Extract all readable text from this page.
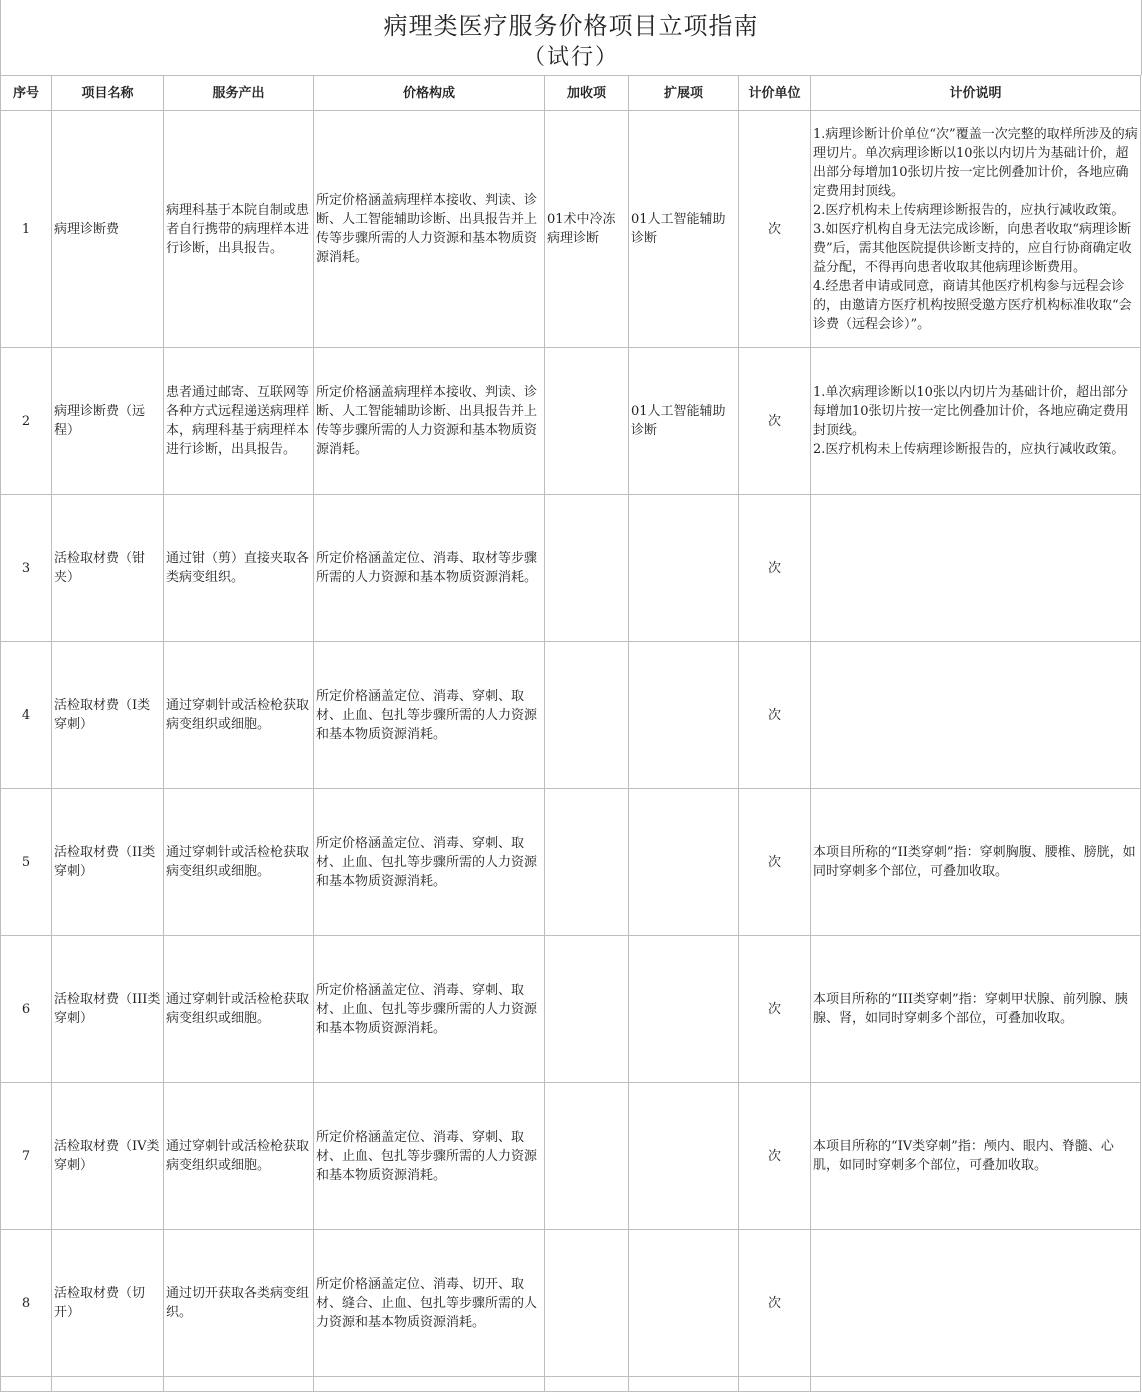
病理类医疗服务价格项目立项指南
（试行）
序号	项目名称	服务产出	价格构成	加收项	扩展项	计价单位	计价说明
1	病理诊断费	病理科基于本院自制或患者自行携带的病理样本进行诊断，出具报告。	所定价格涵盖病理样本接收、判读、诊断、人工智能辅助诊断、出具报告并上传等步骤所需的人力资源和基本物质资源消耗。	01术中冷冻病理诊断	01人工智能辅助诊断	次	1.病理诊断计价单位“次”覆盖一次完整的取样所涉及的病理切片。单次病理诊断以10张以内切片为基础计价，超出部分每增加10张切片按一定比例叠加计价，各地应确定费用封顶线。
2.医疗机构未上传病理诊断报告的，应执行减收政策。
3.如医疗机构自身无法完成诊断，向患者收取“病理诊断费”后，需其他医院提供诊断支持的，应自行协商确定收益分配，不得再向患者收取其他病理诊断费用。
4.经患者申请或同意，商请其他医疗机构参与远程会诊的，由邀请方医疗机构按照受邀方医疗机构标准收取“会诊费（远程会诊）”。
2	病理诊断费（远程）	患者通过邮寄、互联网等各种方式远程递送病理样本，病理科基于病理样本进行诊断，出具报告。	所定价格涵盖病理样本接收、判读、诊断、人工智能辅助诊断、出具报告并上传等步骤所需的人力资源和基本物质资源消耗。		01人工智能辅助诊断	次	1.单次病理诊断以10张以内切片为基础计价，超出部分每增加10张切片按一定比例叠加计价，各地应确定费用封顶线。
2.医疗机构未上传病理诊断报告的，应执行减收政策。
3	活检取材费（钳夹）	通过钳（剪）直接夹取各类病变组织。	所定价格涵盖定位、消毒、取材等步骤所需的人力资源和基本物质资源消耗。			次	
4	活检取材费（I类穿刺）	通过穿刺针或活检枪获取病变组织或细胞。	所定价格涵盖定位、消毒、穿刺、取材、止血、包扎等步骤所需的人力资源和基本物质资源消耗。			次	
5	活检取材费（II类穿刺）	通过穿刺针或活检枪获取病变组织或细胞。	所定价格涵盖定位、消毒、穿刺、取材、止血、包扎等步骤所需的人力资源和基本物质资源消耗。			次	本项目所称的“II类穿刺”指：穿刺胸腹、腰椎、膀胱，如同时穿刺多个部位，可叠加收取。
6	活检取材费（III类穿刺）	通过穿刺针或活检枪获取病变组织或细胞。	所定价格涵盖定位、消毒、穿刺、取材、止血、包扎等步骤所需的人力资源和基本物质资源消耗。			次	本项目所称的“III类穿刺”指：穿刺甲状腺、前列腺、胰腺、肾，如同时穿刺多个部位，可叠加收取。
7	活检取材费（IV类穿刺）	通过穿刺针或活检枪获取病变组织或细胞。	所定价格涵盖定位、消毒、穿刺、取材、止血、包扎等步骤所需的人力资源和基本物质资源消耗。			次	本项目所称的“IV类穿刺”指：颅内、眼内、脊髓、心肌，如同时穿刺多个部位，可叠加收取。
8	活检取材费（切开）	通过切开获取各类病变组织。	所定价格涵盖定位、消毒、切开、取材、缝合、止血、包扎等步骤所需的人力资源和基本物质资源消耗。			次	
